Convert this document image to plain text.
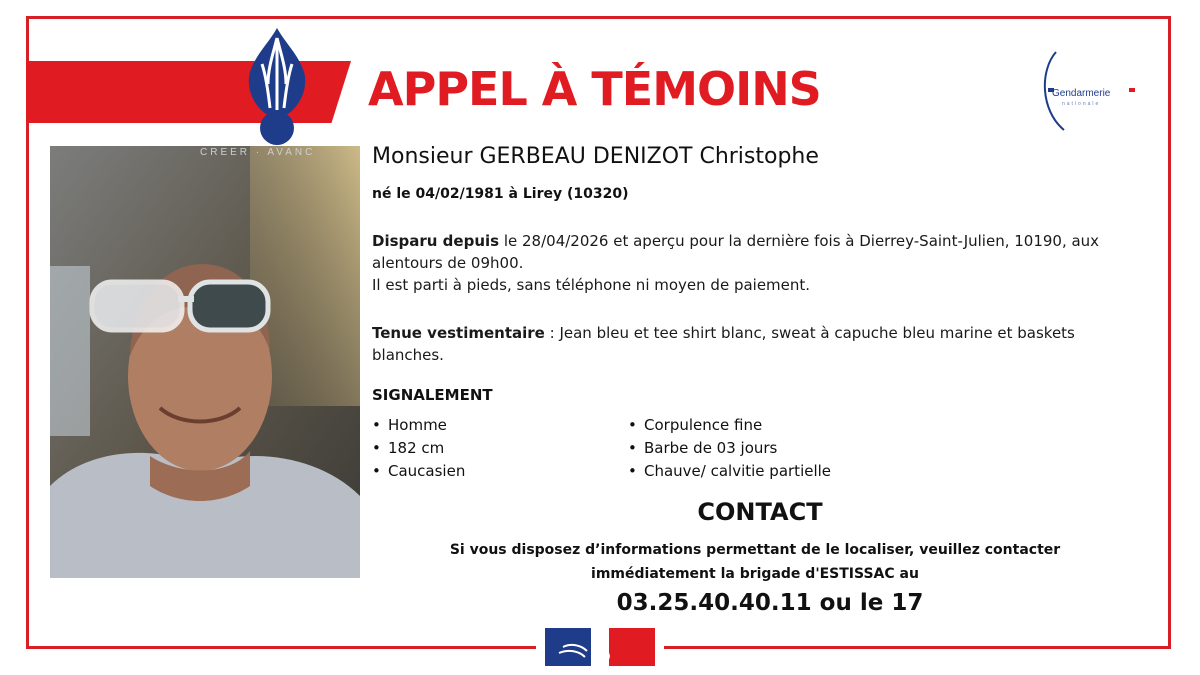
APPEL À TÉMOINS	Gendarmerie
nationale
CREER · AVANC	Monsieur GERBEAU DENIZOT Christophe
né le 04/02/1981 à Lirey (10320)
Disparu depuis le 28/04/2026 et aperçu pour la dernière fois à Dierrey-Saint-Julien, 10190, aux alentours de 09h00.
Il est parti à pieds, sans téléphone ni moyen de paiement.
Tenue vestimentaire : Jean bleu et tee shirt blanc, sweat à capuche bleu marine et baskets blanches.
SIGNALEMENT
• Homme
• 182 cm
• Caucasien
• Corpulence fine
• Barbe de 03 jours
• Chauve/ calvitie partielle
CONTACT
Si vous disposez d’informations permettant de le localiser, veuillez contacter
immédiatement la brigade d'ESTISSAC au
03.25.40.40.11 ou le 17
